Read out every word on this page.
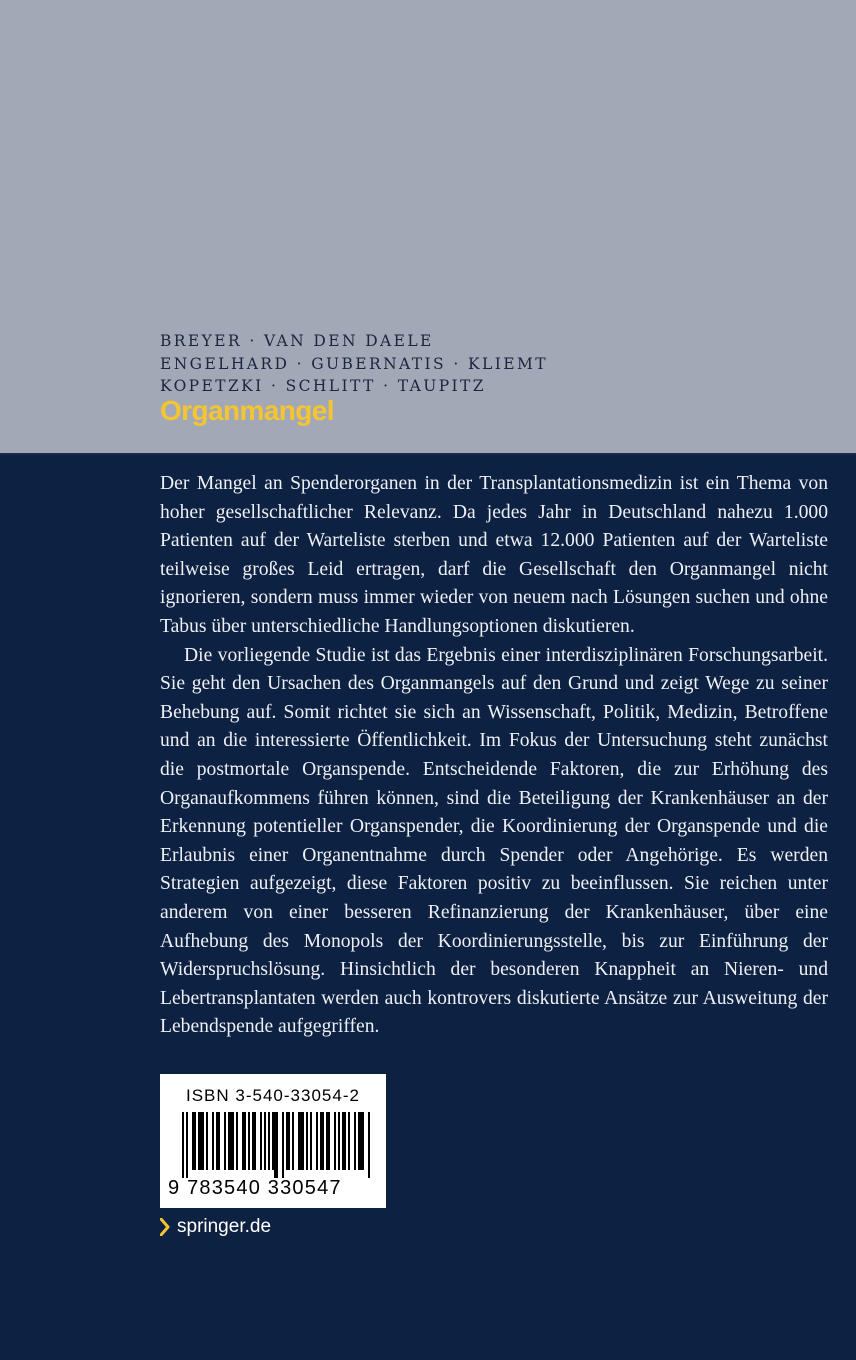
BREYER · VAN DEN DAELE
ENGELHARD · GUBERNATIS · KLIEMT
KOPETZKI · SCHLITT · TAUPITZ
Organmangel

Der Mangel an Spenderorganen in der Transplantationsmedizin ist ein Thema von hoher gesellschaftlicher Relevanz. Da jedes Jahr in Deutschland nahezu 1.000 Patienten auf der Warteliste sterben und etwa 12.000 Patienten auf der Warteliste teilweise großes Leid ertragen, darf die Gesellschaft den Organmangel nicht ignorieren, sondern muss immer wieder von neuem nach Lösungen suchen und ohne Tabus über unterschiedliche Handlungsoptionen diskutieren.

Die vorliegende Studie ist das Ergebnis einer interdisziplinären Forschungsarbeit. Sie geht den Ursachen des Organmangels auf den Grund und zeigt Wege zu seiner Behebung auf. Somit richtet sie sich an Wissenschaft, Politik, Medizin, Betroffene und an die interessierte Öffentlichkeit. Im Fokus der Untersuchung steht zunächst die postmortale Organspende. Entscheidende Faktoren, die zur Erhöhung des Organaufkommens führen können, sind die Beteiligung der Krankenhäuser an der Erkennung potentieller Organspender, die Koordinierung der Organspende und die Erlaubnis einer Organentnahme durch Spender oder Angehörige. Es werden Strategien aufgezeigt, diese Faktoren positiv zu beeinflussen. Sie reichen unter anderem von einer besseren Refinanzierung der Krankenhäuser, über eine Aufhebung des Monopols der Koordinierungsstelle, bis zur Einführung der Widerspruchslösung. Hinsichtlich der besonderen Knappheit an Nieren- und Lebertransplantaten werden auch kontrovers diskutierte Ansätze zur Ausweitung der Lebendspende aufgegriffen.

ISBN 3-540-33054-2
9 783540 330547
springer.de
